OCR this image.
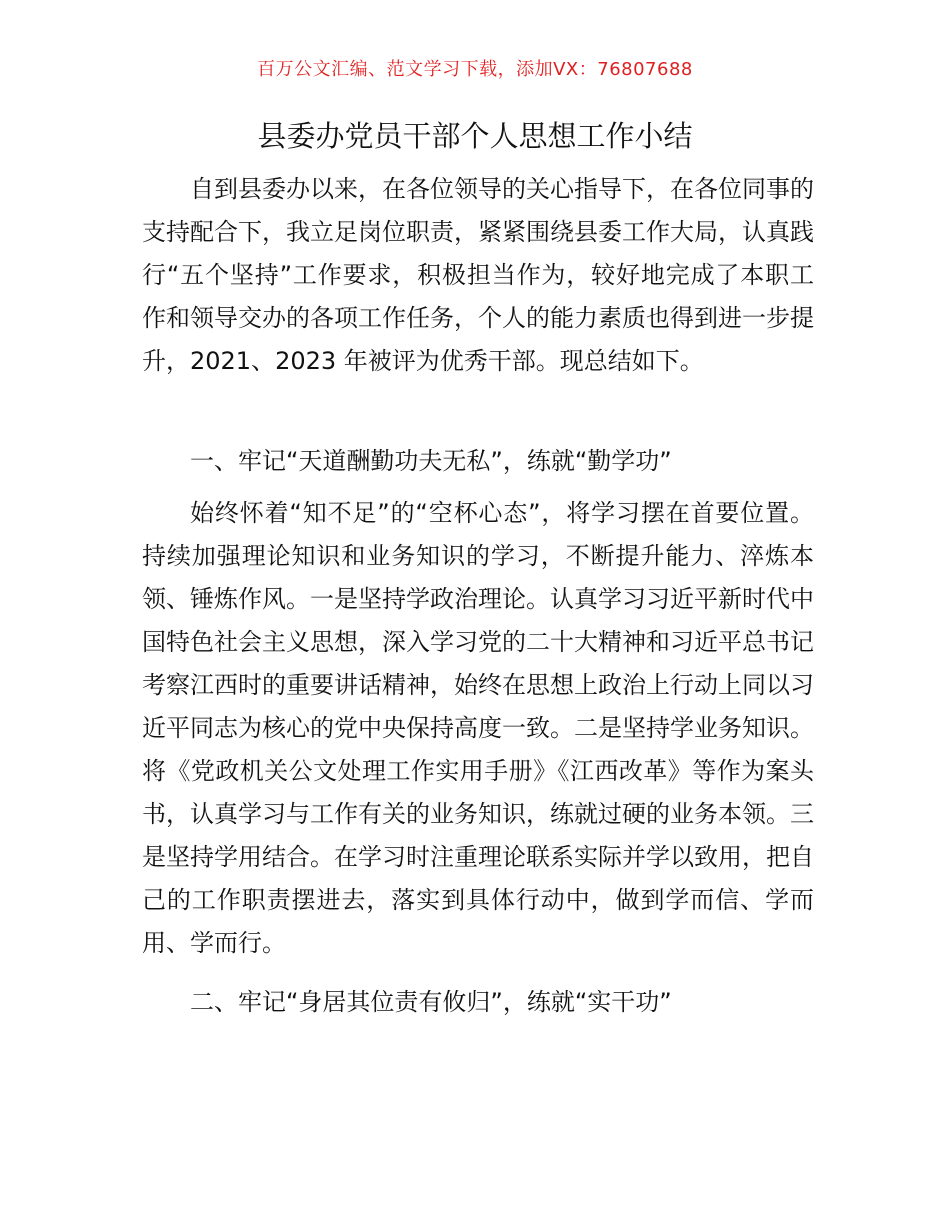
百万公文汇编、范文学习下载，添加VX：76807688
县委办党员干部个人思想工作小结

自到县委办以来，在各位领导的关心指导下，在各位同事的支持配合下，我立足岗位职责，紧紧围绕县委工作大局，认真践行“五个坚持”工作要求，积极担当作为，较好地完成了本职工作和领导交办的各项工作任务，个人的能力素质也得到进一步提升，2021、2023 年被评为优秀干部。现总结如下。

一、牢记“天道酬勤功夫无私”，练就“勤学功”

始终怀着“知不足”的“空杯心态”，将学习摆在首要位置。持续加强理论知识和业务知识的学习，不断提升能力、淬炼本领、锤炼作风。一是坚持学政治理论。认真学习习近平新时代中国特色社会主义思想，深入学习党的二十大精神和习近平总书记考察江西时的重要讲话精神，始终在思想上政治上行动上同以习近平同志为核心的党中央保持高度一致。二是坚持学业务知识。将《党政机关公文处理工作实用手册》《江西改革》等作为案头书，认真学习与工作有关的业务知识，练就过硬的业务本领。三是坚持学用结合。在学习时注重理论联系实际并学以致用，把自己的工作职责摆进去，落实到具体行动中，做到学而信、学而用、学而行。

二、牢记“身居其位责有攸归”，练就“实干功”
